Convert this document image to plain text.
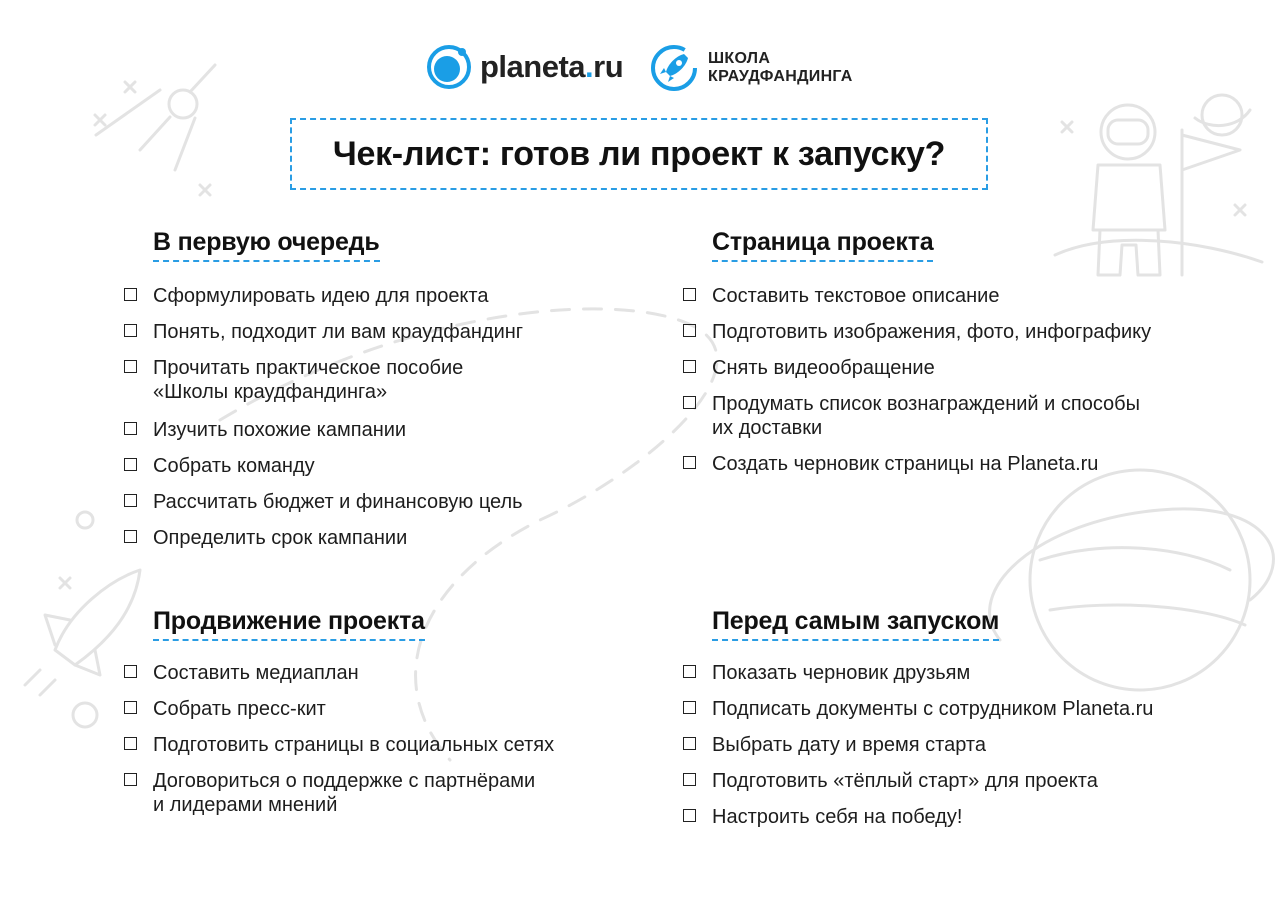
planeta.ru	ШКОЛА
КРАУДФАНДИНГА
Чек-лист: готов ли проект к запуску?
В первую очередь
Сформулировать идею для проекта
Понять, подходит ли вам краудфандинг
Прочитать практическое пособие
«Школы краудфандинга»
Изучить похожие кампании
Собрать команду
Рассчитать бюджет и финансовую цель
Определить срок кампании
Страница проекта
Составить текстовое описание
Подготовить изображения, фото, инфографику
Снять видеообращение
Продумать список вознаграждений и способы
их доставки
Создать черновик страницы на Planeta.ru
Продвижение проекта
Составить медиаплан
Собрать пресс-кит
Подготовить страницы в социальных сетях
Договориться о поддержке с партнёрами
и лидерами мнений
Перед самым запуском
Показать черновик друзьям
Подписать документы с сотрудником Planeta.ru
Выбрать дату и время старта
Подготовить «тёплый старт» для проекта
Настроить себя на победу!
